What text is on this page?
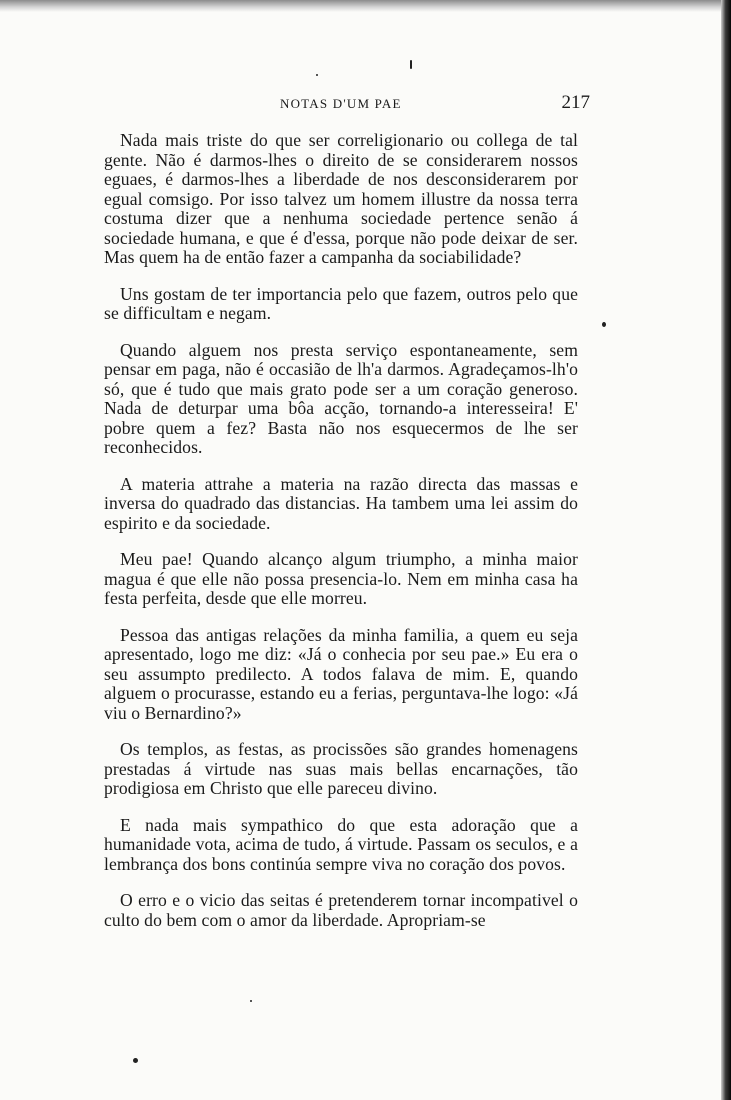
NOTAS D'UM PAE	217

Nada mais triste do que ser correligionario ou collega de tal gente. Não é darmos-lhes o direito de se considerarem nossos eguaes, é darmos-lhes a liberdade de nos desconsiderarem por egual comsigo. Por isso talvez um homem illustre da nossa terra costuma dizer que a nenhuma sociedade pertence senão á sociedade humana, e que é d'essa, porque não pode deixar de ser. Mas quem ha de então fazer a campanha da sociabilidade?

Uns gostam de ter importancia pelo que fazem, outros pelo que se difficultam e negam.

Quando alguem nos presta serviço espontaneamente, sem pensar em paga, não é occasião de lh'a darmos. Agradeçamos-lh'o só, que é tudo que mais grato pode ser a um coração generoso. Nada de deturpar uma bôa acção, tornando-a interesseira! E' pobre quem a fez? Basta não nos esquecermos de lhe ser reconhecidos.

A materia attrahe a materia na razão directa das massas e inversa do quadrado das distancias. Ha tambem uma lei assim do espirito e da sociedade.

Meu pae! Quando alcanço algum triumpho, a minha maior magua é que elle não possa presencia-lo. Nem em minha casa ha festa perfeita, desde que elle morreu.

Pessoa das antigas relações da minha familia, a quem eu seja apresentado, logo me diz: «Já o conhecia por seu pae.» Eu era o seu assumpto predilecto. A todos falava de mim. E, quando alguem o procurasse, estando eu a ferias, perguntava-lhe logo: «Já viu o Bernardino?»

Os templos, as festas, as procissões são grandes homenagens prestadas á virtude nas suas mais bellas encarnações, tão prodigiosa em Christo que elle pareceu divino.

E nada mais sympathico do que esta adoração que a humanidade vota, acima de tudo, á virtude. Passam os seculos, e a lembrança dos bons continúa sempre viva no coração dos povos.

O erro e o vicio das seitas é pretenderem tornar incompativel o culto do bem com o amor da liberdade. Apropriam-se
